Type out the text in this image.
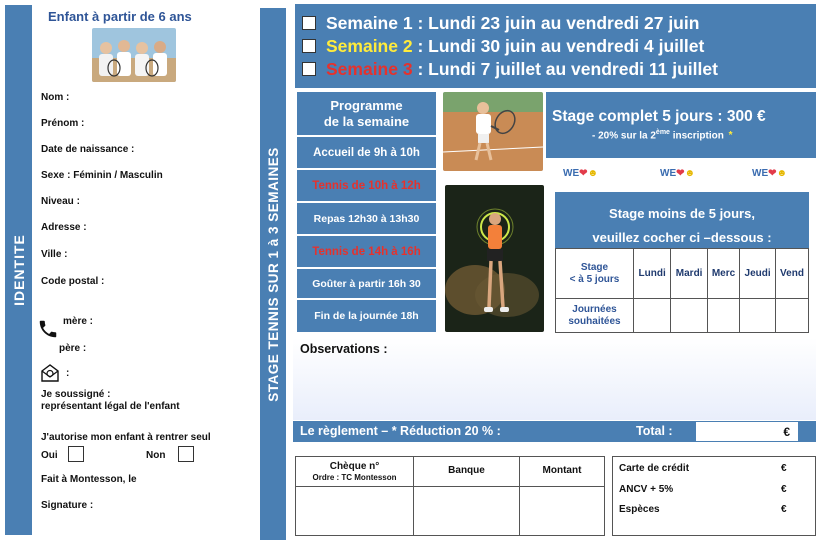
IDENTITE
Enfant à partir de 6 ans
Nom :
Prénom :
Date de naissance :
Sexe : Féminin / Masculin
Niveau :
Adresse :
Ville :
Code postal :
mère :
père :
:
Je soussigné :
représentant légal de l'enfant
J'autorise mon enfant à rentrer seul
Oui	Non
Fait à Montesson, le
Signature :
STAGE TENNIS SUR 1 à 3 SEMAINES
Semaine 1 : Lundi 23 juin au vendredi 27 juin
Semaine 2 : Lundi 30 juin au vendredi 4 juillet
Semaine 3 : Lundi 7 juillet au vendredi 11 juillet
Programme
de la semaine
Accueil de 9h à 10h
Tennis de 10h à 12h
Repas 12h30 à 13h30
Tennis de 14h à 16h
Goûter à partir 16h 30
Fin de la journée 18h
Stage complet 5 jours : 300 €
- 20% sur la 2ème inscription *
WE❤☻	WE❤☻	WE❤☻
Stage moins de 5 jours,
veuillez cocher ci –dessous :
Stage
< à 5 jours	Lundi	Mardi	Merc	Jeudi	Vend

Journées
souhaitées					

Observations :
Le règlement – * Réduction 20 % :	Total :	€
Chèque n°
Ordre : TC Montesson	Banque	Montant
			Carte de crédit	€
ANCV + 5%	€
Espèces	€
